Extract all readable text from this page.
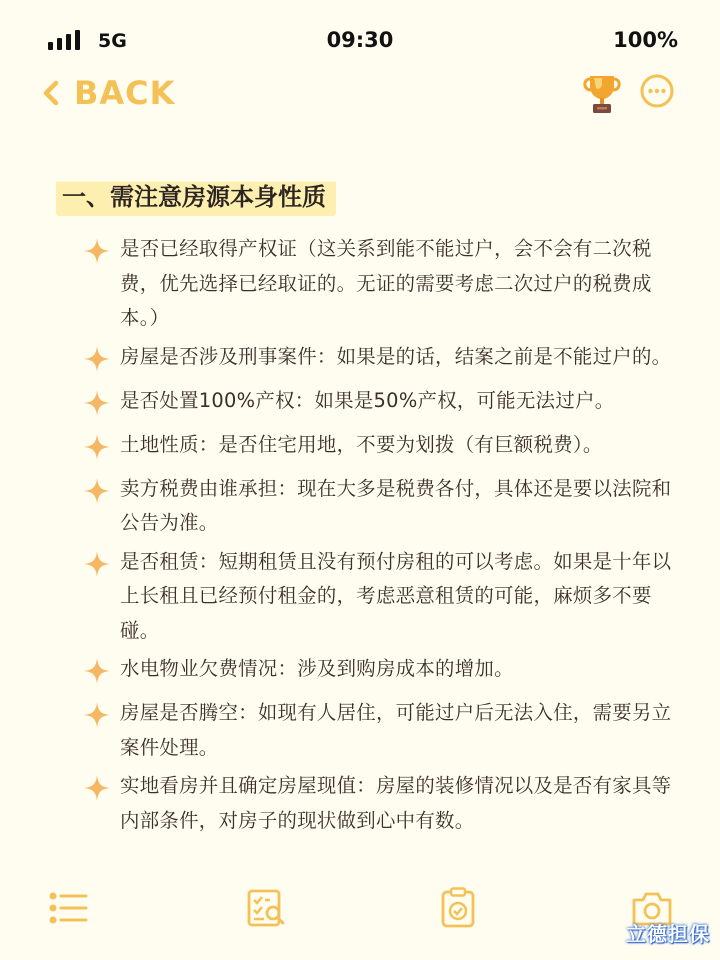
5G	09:30	100%
BACK
一、需注意房源本身性质
是否已经取得产权证（这关系到能不能过户，会不会有二次税费，优先选择已经取证的。无证的需要考虑二次过户的税费成本。）
房屋是否涉及刑事案件：如果是的话，结案之前是不能过户的。
是否处置100%产权：如果是50%产权，可能无法过户。
土地性质：是否住宅用地，不要为划拨（有巨额税费）。
卖方税费由谁承担：现在大多是税费各付，具体还是要以法院和公告为准。
是否租赁：短期租赁且没有预付房租的可以考虑。如果是十年以上长租且已经预付租金的，考虑恶意租赁的可能，麻烦多不要碰。
水电物业欠费情况：涉及到购房成本的增加。
房屋是否腾空：如现有人居住，可能过户后无法入住，需要另立案件处理。
实地看房并且确定房屋现值：房屋的装修情况以及是否有家具等内部条件，对房子的现状做到心中有数。
立德担保
